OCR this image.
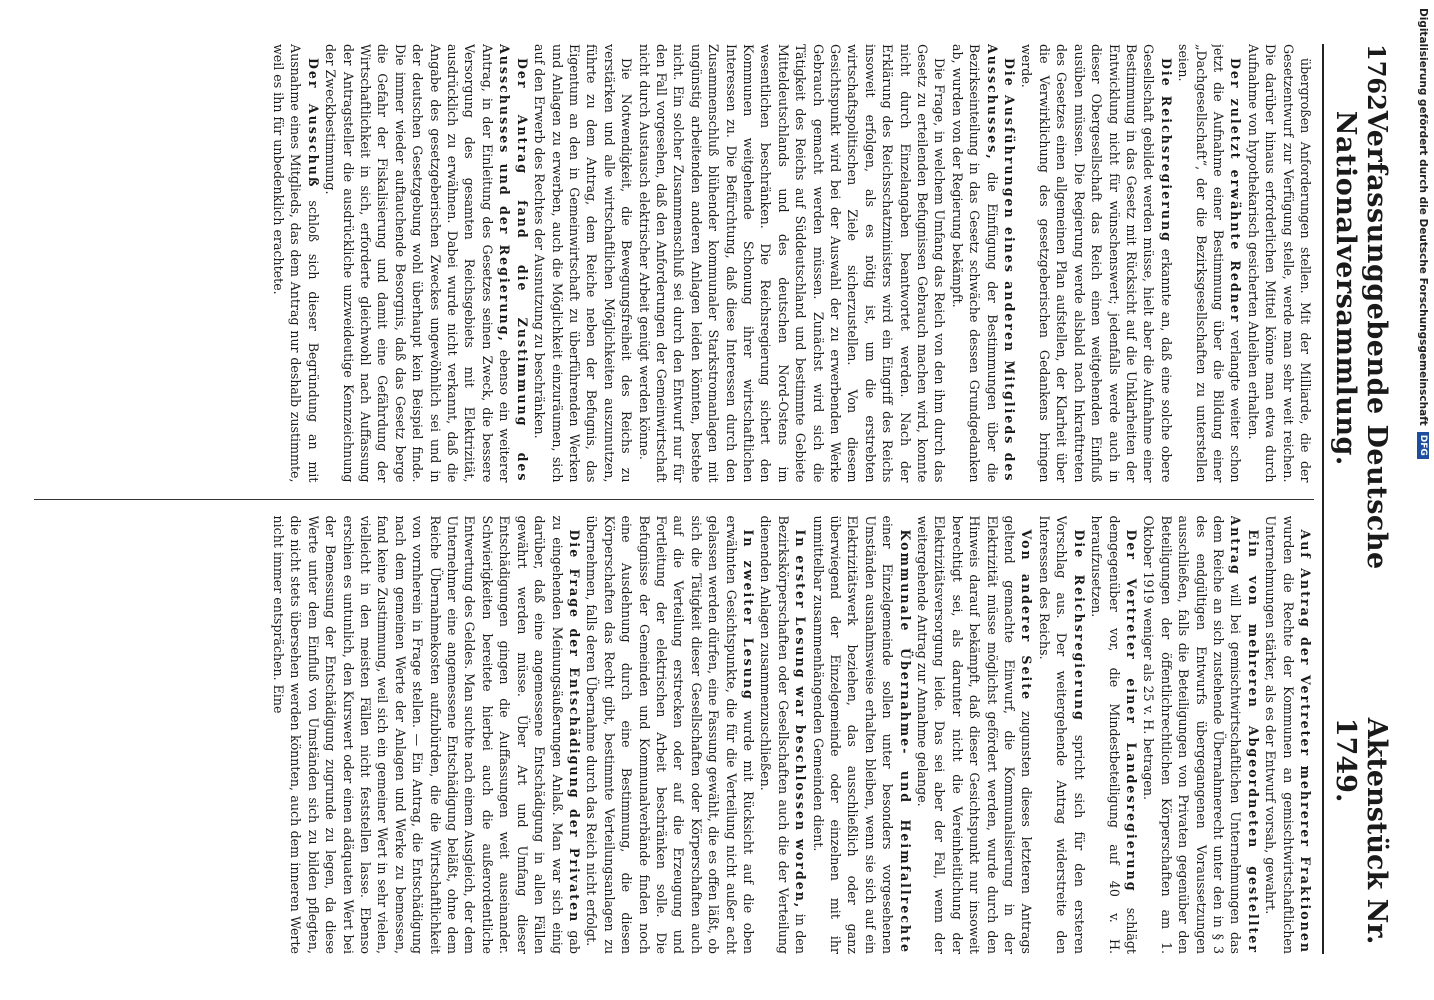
1762
Verfassunggebende Deutsche Nationalversammlung.
Aktenstück Nr. 1749.

übergroßen Anforderungen stellen. Mit der Milliarde, die der Gesetzentwurf zur Verfügung stelle, werde man sehr weit reichen. Die darüber hinaus erforderlichen Mittel könne man etwa durch Aufnahme von hypothekarisch gesicherten Anleihen erhalten.

Der zuletzt erwähnte Redner verlangte weiter schon jetzt die Aufnahme einer Bestimmung über die Bildung einer „Dachgesellschaft“, der die Bezirksgesellschaften zu unterstellen seien.

Die Reichsregierung erkannte an, daß eine solche obere Gesellschaft gebildet werden müsse, hielt aber die Aufnahme einer Bestimmung in das Gesetz mit Rücksicht auf die Unklarheiten der Entwicklung nicht für wünschenswert; jedenfalls werde auch in dieser Obergesellschaft das Reich einen weitgehenden Einfluß ausüben müssen. Die Regierung werde alsbald nach Inkrafttreten des Gesetzes einen allgemeinen Plan aufstellen, der Klarheit über die Verwirklichung des gesetzgeberischen Gedankens bringen werde.

Die Ausführungen eines anderen Mitglieds des Ausschusses, die Einfügung der Bestimmungen über die Bezirkseinteilung in das Gesetz schwäche dessen Grundgedanken ab, wurden von der Regierung bekämpft.

Die Frage, in welchem Umfang das Reich von den ihm durch das Gesetz zu erteilenden Befugnissen Gebrauch machen wird, konnte nicht durch Einzelangaben beantwortet werden. Nach der Erklärung des Reichsschatzministers wird ein Eingriff des Reichs insoweit erfolgen, als es nötig ist, um die erstrebten wirtschaftspolitischen Ziele sicherzustellen. Von diesem Gesichtspunkt wird bei der Auswahl der zu erwerbenden Werke Gebrauch gemacht werden müssen. Zunächst wird sich die Tätigkeit des Reichs auf Süddeutschland und bestimmte Gebiete Mitteldeutschlands und des deutschen Nord-Ostens im wesentlichen beschränken. Die Reichsregierung sichert den Kommunen weitgehende Schonung ihrer wirtschaftlichen Interessen zu. Die Befürchtung, daß diese Interessen durch den Zusammenschluß blühender kommunaler Starkstromanlagen mit ungünstig arbeitenden anderen Anlagen leiden könnten, bestehe nicht. Ein solcher Zusammenschluß sei durch den Entwurf nur für den Fall vorgesehen, daß den Anforderungen der Gemeinwirtschaft nicht durch Austausch elektrischer Arbeit genügt werden könne.

Die Notwendigkeit, die Bewegungsfreiheit des Reichs zu verstärken und alle wirtschaftlichen Möglichkeiten auszunutzen, führte zu dem Antrag, dem Reiche neben der Befugnis, das Eigentum an den in Gemeinwirtschaft zu überführenden Werken und Anlagen zu erwerben, auch die Möglichkeit einzuräumen, sich auf den Erwerb des Rechtes der Ausnutzung zu beschränken.

Der Antrag fand die Zustimmung des Ausschusses und der Regierung, ebenso ein weiterer Antrag, in der Einleitung des Gesetzes seinen Zweck, die bessere Versorgung des gesamten Reichsgebiets mit Elektrizität, ausdrücklich zu erwähnen. Dabei wurde nicht verkannt, daß die Angabe des gesetzgeberischen Zweckes ungewöhnlich sei und in der deutschen Gesetzgebung wohl überhaupt kein Beispiel finde. Die immer wieder auftauchende Besorgnis, daß das Gesetz berge die Gefahr der Fiskalisierung und damit eine Gefährdung der Wirtschaftlichkeit in sich, erforderte gleichwohl nach Auffassung der Antragsteller die ausdrückliche unzweideutige Kennzeichnung der Zweckbestimmung.

Der Ausschuß schloß sich dieser Begründung an mit Ausnahme eines Mitglieds, das dem Antrag nur deshalb zustimmte, weil es ihn für unbedenklich erachtete.

Auf Antrag der Vertreter mehrerer Fraktionen wurden die Rechte der Kommunen an gemischtwirtschaftlichen Unternehmungen stärker, als es der Entwurf vorsah, gewahrt.

Ein von mehreren Abgeordneten gestellter Antrag will bei gemischtwirtschaftlichen Unternehmungen das dem Reiche an sich zustehende Übernahmerecht unter den in § 3 des endgültigen Entwurfs übergegangenen Voraussetzungen ausschließen, falls die Beteiligungen von Privaten gegenüber den Beteiligungen der öffentlichrechtlichen Körperschaften am 1. Oktober 1919 weniger als 25 v. H. betragen.

Der Vertreter einer Landesregierung schlägt demgegenüber vor, die Mindestbeteiligung auf 40 v. H. heraufzusetzen.

Die Reichsregierung spricht sich für den ersteren Vorschlag aus. Der weitergehende Antrag widerstreite den Interessen des Reichs.

Von anderer Seite zugunsten dieses letzteren Antrags geltend gemachte Einwurf, die Kommunalisierung in der Elektrizität müsse möglichst gefördert werden, wurde durch den Hinweis darauf bekämpft, daß dieser Gesichtspunkt nur insoweit berechtigt sei, als darunter nicht die Vereinheitlichung der Elektrizitätsversorgung leide. Das sei aber der Fall, wenn der weitergehende Antrag zur Annahme gelange.

Kommunale Übernahme- und Heimfallrechte einer Einzelgemeinde sollen unter besonders vorgesehenen Umständen ausnahmsweise erhalten bleiben, wenn sie sich auf ein Elektrizitätswerk beziehen, das ausschließlich oder ganz überwiegend der Einzelgemeinde oder einzelnen mit ihr unmittelbar zusammenhängenden Gemeinden dient.

In erster Lesung war beschlossen worden, in den Bezirkskörperschaften oder Gesellschaften auch die der Verteilung dienenden Anlagen zusammenzuschließen.

In zweiter Lesung wurde mit Rücksicht auf die oben erwähnten Gesichtspunkte, die für die Verteilung nicht außer acht gelassen werden dürfen, eine Fassung gewählt, die es offen läßt, ob sich die Tätigkeit dieser Gesellschaften oder Körperschaften auch auf die Verteilung erstrecken oder auf die Erzeugung und Fortleitung der elektrischen Arbeit beschränken solle. Die Befugnisse der Gemeinden und Kommunalverbände finden noch eine Ausdehnung durch eine Bestimmung, die diesen Körperschaften das Recht gibt, bestimmte Verteilungsanlagen zu übernehmen, falls deren Übernahme durch das Reich nicht erfolgt.

Die Frage der Entschädigung der Privaten gab zu eingehenden Meinungsäußerungen Anlaß. Man war sich einig darüber, daß eine angemessene Entschädigung in allen Fällen gewährt werden müsse. Über Art und Umfang dieser Entschädigungen gingen die Auffassungen weit auseinander. Schwierigkeiten bereitete hierbei auch die außerordentliche Entwertung des Geldes. Man suchte nach einem Ausgleich, der dem Unternehmer eine angemessene Entschädigung beläßt, ohne dem Reiche Übernahmekosten aufzubürden, die die Wirtschaftlichkeit von vornherein in Frage stellen. — Ein Antrag, die Entschädigung nach dem gemeinen Werte der Anlagen und Werke zu bemessen, fand keine Zustimmung, weil sich ein gemeiner Wert in sehr vielen, vielleicht in den meisten Fällen nicht feststellen lasse. Ebenso erschien es untunlich, den Kurswert oder einen adäquaten Wert bei der Bemessung der Entschädigung zugrunde zu legen, da diese Werte unter dem Einfluß von Umständen sich zu bilden pflegten, die nicht stets übersehen werden könnten, auch dem inneren Werte nicht immer entsprächen. Eine

Digitalisierung gefördert durch die Deutsche Forschungsgemeinschaft
DFG
